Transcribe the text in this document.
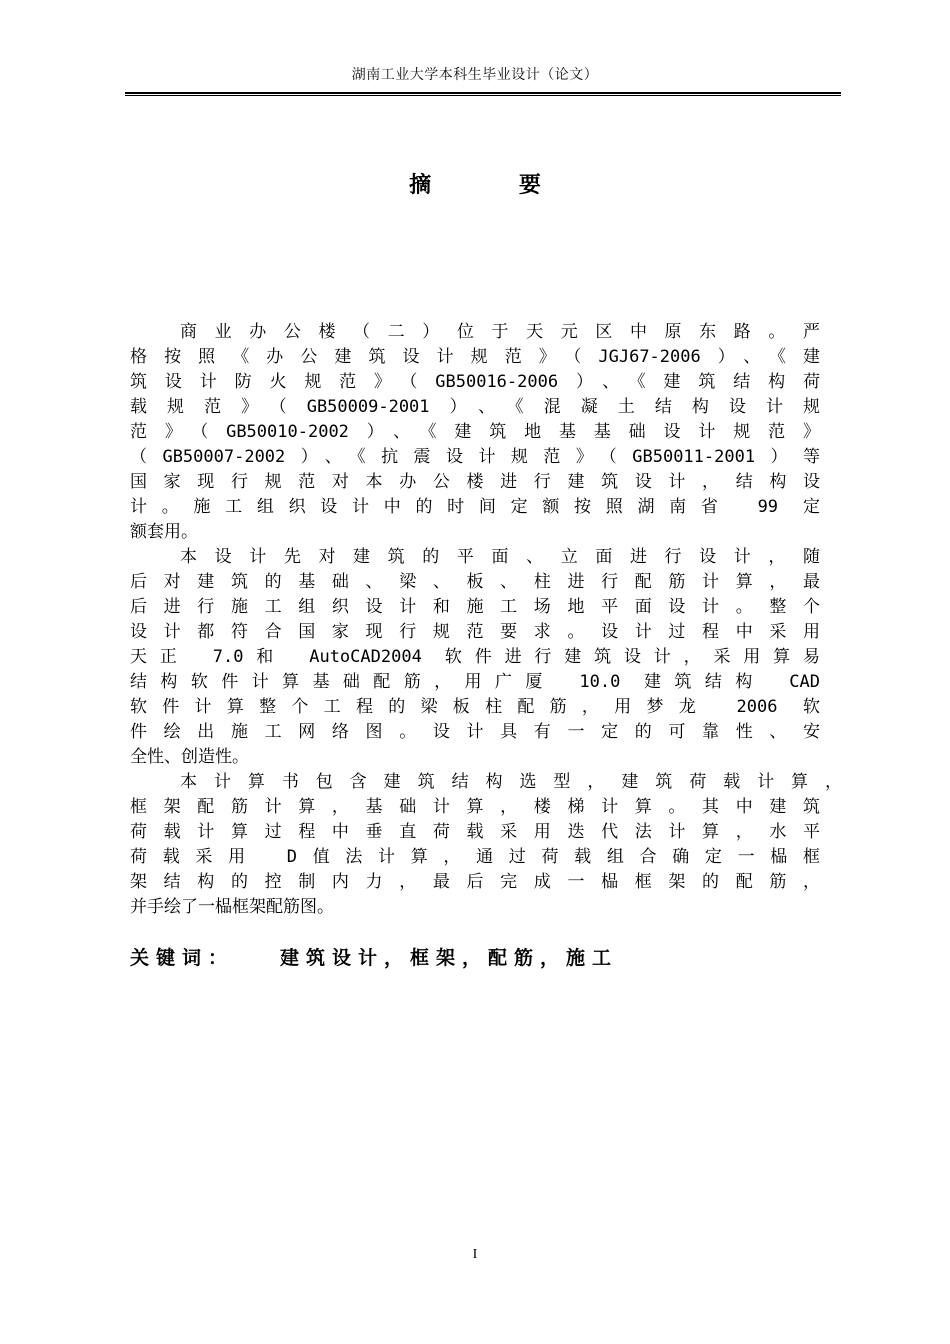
湖南工业大学本科生毕业设计（论文）
摘 要
商业办公楼（二）位于天元区中原东路。严
格按照《办公建筑设计规范》（JGJ67-2006）、《建
筑设计防火规范》（GB50016-2006）、《建筑结构荷
载规范》（GB50009-2001）、《混凝土结构设计规
范》（GB50010-2002）、《建筑地基基础设计规范》
（GB50007-2002）、《抗震设计规范》（GB50011-2001）等
国家现行规范对本办公楼进行建筑设计，结构设
计。施工组织设计中的时间定额按照湖南省 99 定
额套用。
本设计先对建筑的平面、立面进行设计，随
后对建筑的基础、梁、板、柱进行配筋计算，最
后进行施工组织设计和施工场地平面设计。整个
设计都符合国家现行规范要求。设计过程中采用
天正 7.0和 AutoCAD2004 软件进行建筑设计，采用算易
结构软件计算基础配筋，用广厦 10.0 建筑结构 CAD
软件计算整个工程的梁板柱配筋，用梦龙 2006 软
件绘出施工网络图。设计具有一定的可靠性、安
全性、创造性。
本计算书包含建筑结构选型，建筑荷载计算，
框架配筋计算，基础计算，楼梯计算。其中建筑
荷载计算过程中垂直荷载采用迭代法计算，水平
荷载采用 D值法计算，通过荷载组合确定一榀框
架结构的控制内力，最后完成一榀框架的配筋，
并手绘了一榀框架配筋图。
关键词： 建筑设计，框架，配筋，施工
I
